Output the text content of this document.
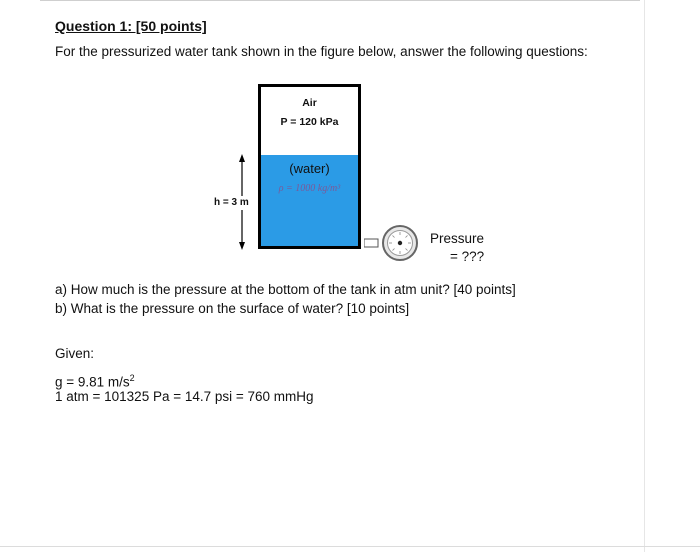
Question 1: [50 points]
For the pressurized water tank shown in the figure below, answer the following questions:
Air
P = 120 kPa
(water)
ρ = 1000 kg/m³
h = 3 m
Pressure
= ???
a) How much is the pressure at the bottom of the tank in atm unit? [40 points]
b) What is the pressure on the surface of water? [10 points]
Given:
g = 9.81 $m/s^2$
1 atm = 101325 Pa = 14.7 psi = 760 mmHg
